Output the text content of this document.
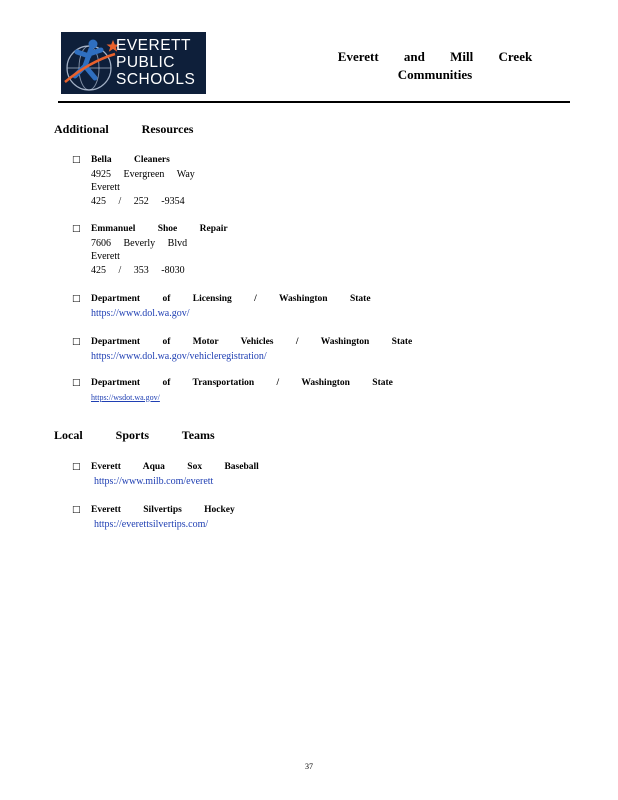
EVERETT
PUBLIC
SCHOOLS
Everett and Mill Creek
Communities
Additional Resources
□ Bella Cleaners
4925 Evergreen Way
Everett
425 / 252 -9354
□ Emmanuel Shoe Repair
7606 Beverly Blvd
Everett
425 / 353 -8030
□ Department of Licensing / Washington State
https://www.dol.wa.gov/
□ Department of Motor Vehicles / Washington State
https://www.dol.wa.gov/vehicleregistration/
□ Department of Transportation / Washington State
https://wsdot.wa.gov/
Local Sports Teams
□ Everett Aqua Sox Baseball
https://www.milb.com/everett
□ Everett Silvertips Hockey
https://everettsilvertips.com/
37
